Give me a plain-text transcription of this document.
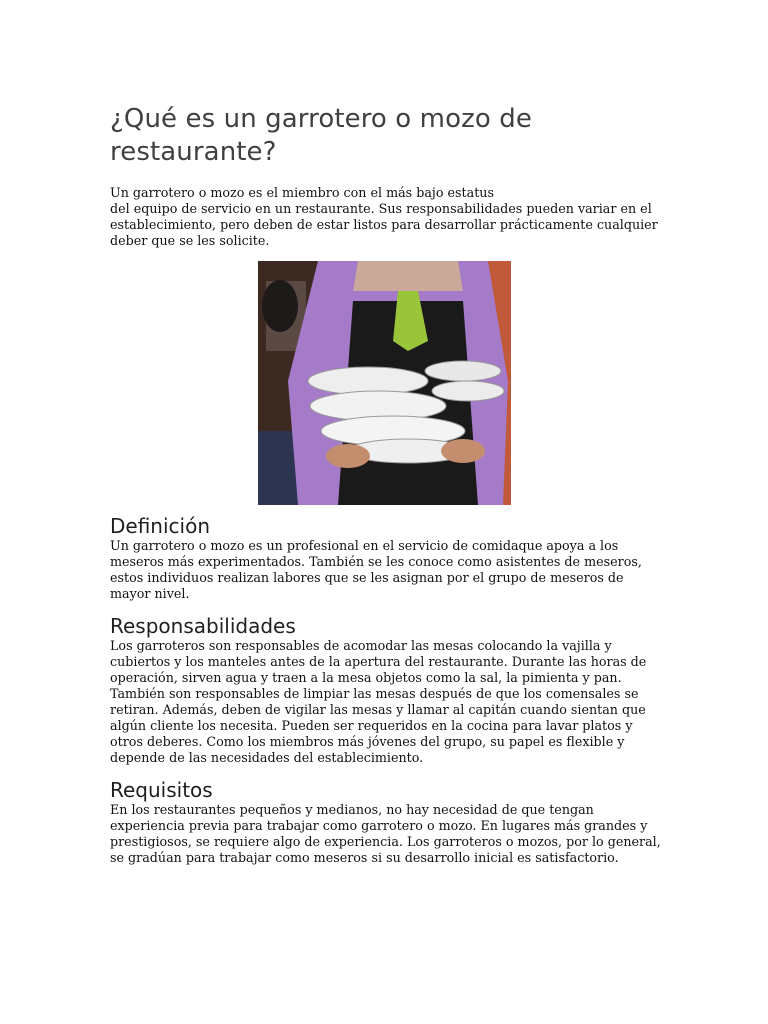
¿Qué es un garrotero o mozo de
restaurante?

Un garrotero o mozo es el miembro con el más bajo estatus
del equipo de servicio en un restaurante. Sus responsabilidades pueden variar en el
establecimiento, pero deben de estar listos para desarrollar prácticamente cualquier
deber que se les solicite.

Definición

Un garrotero o mozo es un profesional en el servicio de comidaque apoya a los
meseros más experimentados. También se les conoce como asistentes de meseros,
estos individuos realizan labores que se les asignan por el grupo de meseros de
mayor nivel.

Responsabilidades

Los garroteros son responsables de acomodar las mesas colocando la vajilla y
cubiertos y los manteles antes de la apertura del restaurante. Durante las horas de
operación, sirven agua y traen a la mesa objetos como la sal, la pimienta y pan.
También son responsables de limpiar las mesas después de que los comensales se
retiran. Además, deben de vigilar las mesas y llamar al capitán cuando sientan que
algún cliente los necesita. Pueden ser requeridos en la cocina para lavar platos y
otros deberes. Como los miembros más jóvenes del grupo, su papel es flexible y
depende de las necesidades del establecimiento.

Requisitos

En los restaurantes pequeños y medianos, no hay necesidad de que tengan
experiencia previa para trabajar como garrotero o mozo. En lugares más grandes y
prestigiosos, se requiere algo de experiencia. Los garroteros o mozos, por lo general,
se gradúan para trabajar como meseros si su desarrollo inicial es satisfactorio.
